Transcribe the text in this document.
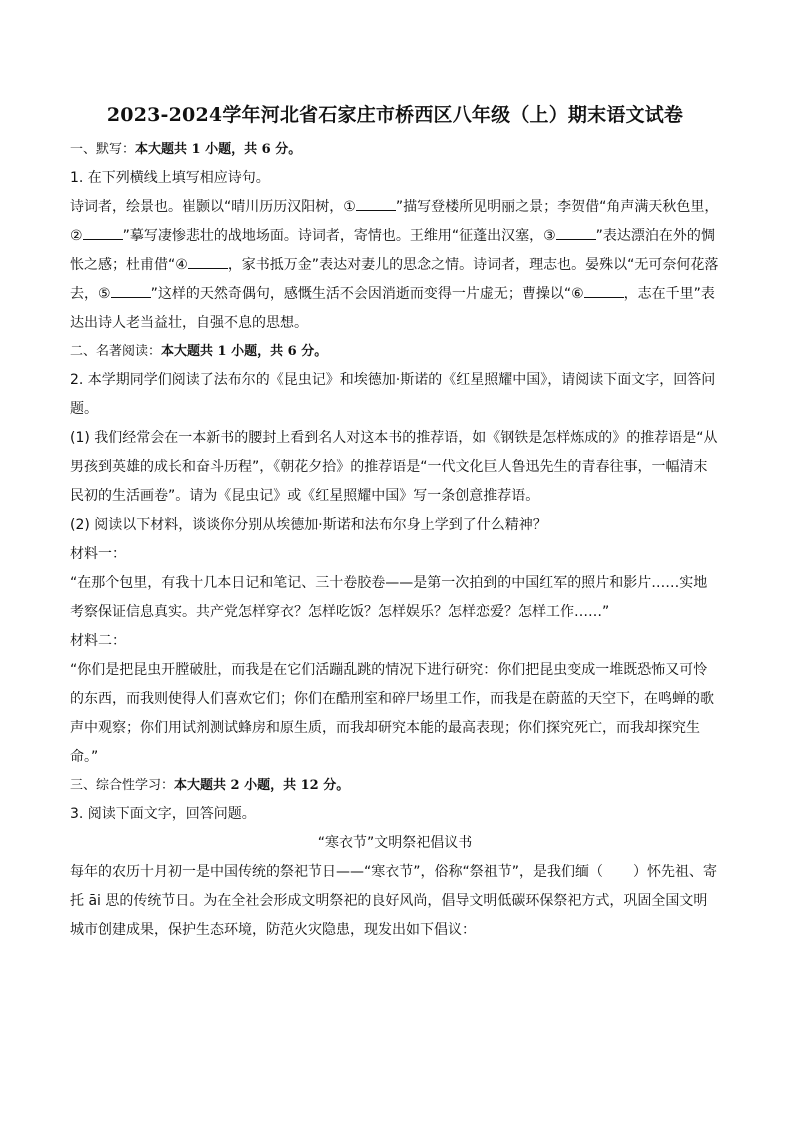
2023-2024学年河北省石家庄市桥西区八年级（上）期末语文试卷
一、默写：本大题共 1 小题，共 6 分。

1. 在下列横线上填写相应诗句。

诗词者，绘景也。崔颢以“晴川历历汉阳树，①	”描写登楼所见明丽之景；李贺借“角声满天秋色里，②	”摹写凄惨悲壮的战地场面。诗词者，寄情也。王维用“征蓬出汉塞，③	”表达漂泊在外的惆怅之感；杜甫借“④	，家书抵万金”表达对妻儿的思念之情。诗词者，理志也。晏殊以“无可奈何花落去，⑤	”这样的天然奇偶句，感慨生活不会因消逝而变得一片虚无；曹操以“⑥	，志在千里”表达出诗人老当益壮，自强不息的思想。

二、名著阅读：本大题共 1 小题，共 6 分。

2. 本学期同学们阅读了法布尔的《昆虫记》和埃德加·斯诺的《红星照耀中国》，请阅读下面文字，回答问题。

(1) 我们经常会在一本新书的腰封上看到名人对这本书的推荐语，如《钢铁是怎样炼成的》的推荐语是“从男孩到英雄的成长和奋斗历程”，《朝花夕拾》的推荐语是“一代文化巨人鲁迅先生的青春往事，一幅清末民初的生活画卷”。请为《昆虫记》或《红星照耀中国》写一条创意推荐语。

(2) 阅读以下材料，谈谈你分别从埃德加·斯诺和法布尔身上学到了什么精神？

材料一：

“在那个包里，有我十几本日记和笔记、三十卷胶卷——是第一次拍到的中国红军的照片和影片……实地考察保证信息真实。共产党怎样穿衣？怎样吃饭？怎样娱乐？怎样恋爱？怎样工作……”

材料二：

“你们是把昆虫开膛破肚，而我是在它们活蹦乱跳的情况下进行研究：你们把昆虫变成一堆既恐怖又可怜的东西，而我则使得人们喜欢它们；你们在酷刑室和碎尸场里工作，而我是在蔚蓝的天空下，在鸣蝉的歌声中观察；你们用试剂测试蜂房和原生质，而我却研究本能的最高表现；你们探究死亡，而我却探究生命。”

三、综合性学习：本大题共 2 小题，共 12 分。

3. 阅读下面文字，回答问题。

“寒衣节”文明祭祀倡议书

每年的农历十月初一是中国传统的祭祀节日——“寒衣节”，俗称“祭祖节”，是我们缅（ ）怀先祖、寄托 āi 思的传统节日。为在全社会形成文明祭祀的良好风尚，倡导文明低碳环保祭祀方式，巩固全国文明城市创建成果，保护生态环境，防范火灾隐患，现发出如下倡议：
